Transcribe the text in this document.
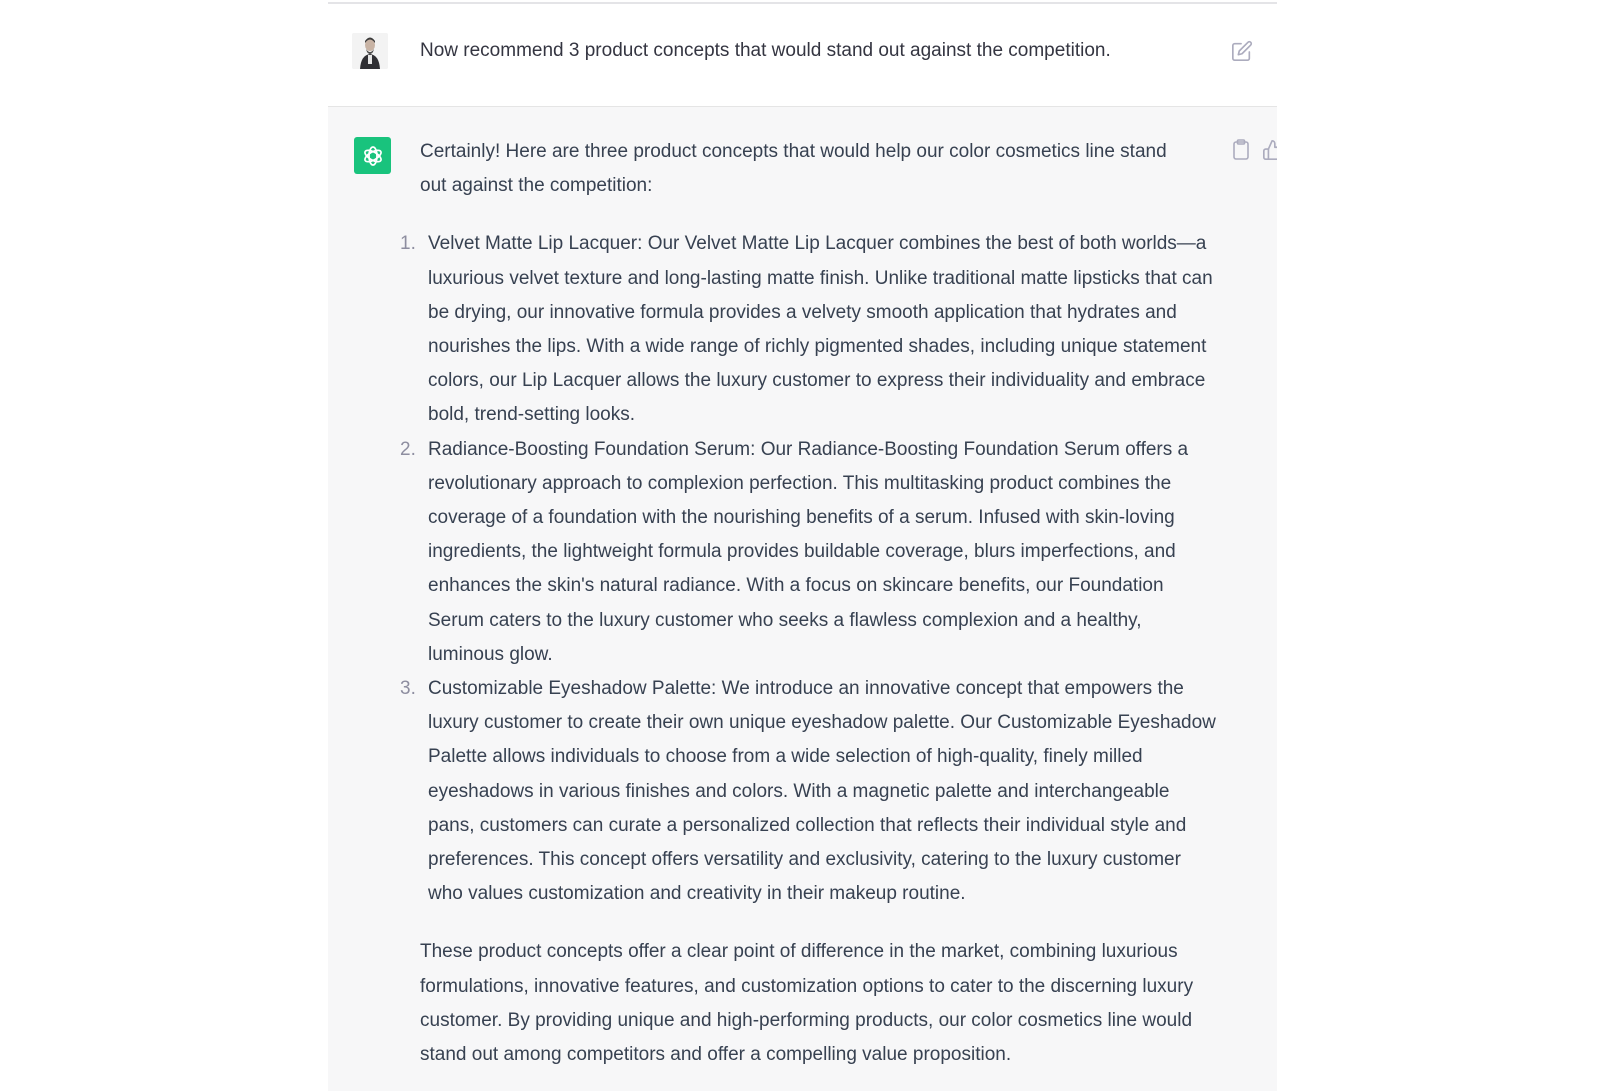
Now recommend 3 product concepts that would stand out against the competition.

Certainly! Here are three product concepts that would help our color cosmetics line stand out against the competition:

1. Velvet Matte Lip Lacquer: Our Velvet Matte Lip Lacquer combines the best of both worlds—a luxurious velvet texture and long-lasting matte finish. Unlike traditional matte lipsticks that can be drying, our innovative formula provides a velvety smooth application that hydrates and nourishes the lips. With a wide range of richly pigmented shades, including unique statement colors, our Lip Lacquer allows the luxury customer to express their individuality and embrace bold, trend-setting looks.
2. Radiance-Boosting Foundation Serum: Our Radiance-Boosting Foundation Serum offers a revolutionary approach to complexion perfection. This multitasking product combines the coverage of a foundation with the nourishing benefits of a serum. Infused with skin-loving ingredients, the lightweight formula provides buildable coverage, blurs imperfections, and enhances the skin's natural radiance. With a focus on skincare benefits, our Foundation Serum caters to the luxury customer who seeks a flawless complexion and a healthy, luminous glow.
3. Customizable Eyeshadow Palette: We introduce an innovative concept that empowers the luxury customer to create their own unique eyeshadow palette. Our Customizable Eyeshadow Palette allows individuals to choose from a wide selection of high-quality, finely milled eyeshadows in various finishes and colors. With a magnetic palette and interchangeable pans, customers can curate a personalized collection that reflects their individual style and preferences. This concept offers versatility and exclusivity, catering to the luxury customer who values customization and creativity in their makeup routine.

These product concepts offer a clear point of difference in the market, combining luxurious formulations, innovative features, and customization options to cater to the discerning luxury customer. By providing unique and high-performing products, our color cosmetics line would stand out among competitors and offer a compelling value proposition.
